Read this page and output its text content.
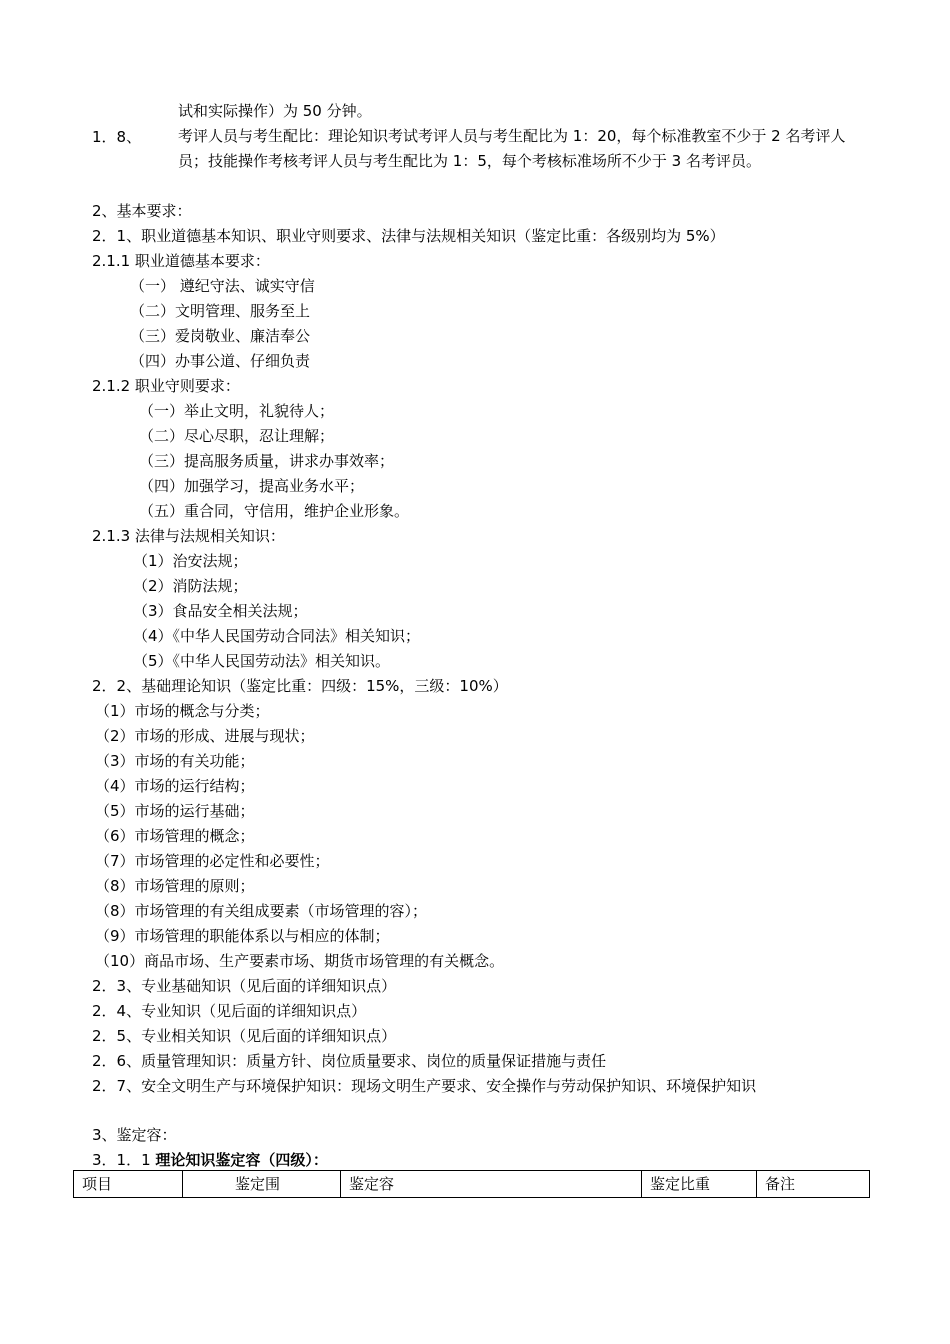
试和实际操作）为 50 分钟。
1．8、 考评人员与考生配比：理论知识考试考评人员与考生配比为 1：20，每个标准教室不少于 2 名考评人员；技能操作考核考评人员与考生配比为 1：5，每个考核标准场所不少于 3 名考评员。
2、基本要求：
2．1、职业道德基本知识、职业守则要求、法律与法规相关知识（鉴定比重：各级别均为 5%）
2.1.1 职业道德基本要求：
（一） 遵纪守法、诚实守信
（二）文明管理、服务至上
（三）爱岗敬业、廉洁奉公
（四）办事公道、仔细负责
2.1.2 职业守则要求：
（一）举止文明，礼貌待人；
（二）尽心尽职，忍让理解；
（三）提高服务质量，讲求办事效率；
（四）加强学习，提高业务水平；
（五）重合同，守信用，维护企业形象。
2.1.3 法律与法规相关知识：
（1）治安法规；
（2）消防法规；
（3）食品安全相关法规；
（4）《中华人民国劳动合同法》相关知识；
（5）《中华人民国劳动法》相关知识。
2．2、基础理论知识（鉴定比重：四级：15%，三级：10%）
（1）市场的概念与分类；
（2）市场的形成、进展与现状；
（3）市场的有关功能；
（4）市场的运行结构；
（5）市场的运行基础；
（6）市场管理的概念；
（7）市场管理的必定性和必要性；
（8）市场管理的原则；
（8）市场管理的有关组成要素（市场管理的容）；
（9）市场管理的职能体系以与相应的体制；
（10）商品市场、生产要素市场、期货市场管理的有关概念。
2．3、专业基础知识（见后面的详细知识点）
2．4、专业知识（见后面的详细知识点）
2．5、专业相关知识（见后面的详细知识点）
2．6、质量管理知识：质量方针、岗位质量要求、岗位的质量保证措施与责任
2．7、安全文明生产与环境保护知识：现场文明生产要求、安全操作与劳动保护知识、环境保护知识
3、鉴定容：
3．1．1 理论知识鉴定容（四级）：
项目	鉴定围	鉴定容	鉴定比重	备注
